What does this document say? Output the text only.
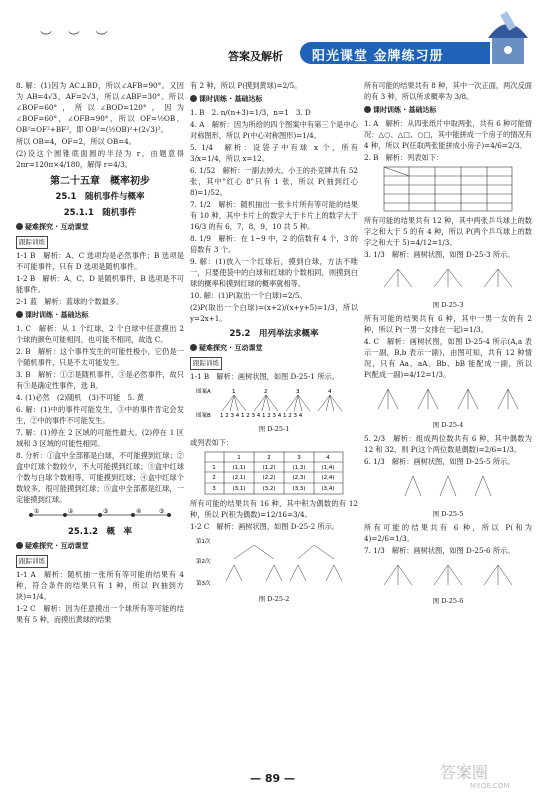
︶ ︶ ︶
答案及解析 阳光课堂 金牌练习册

8. 解：(1)因为 AC⊥BD，所以∠AFB=90°。又因为 AB=4√3，AF=2√3，所以∠ABF=30°。所以∠BOF=60°，所以∠BOD=120°。因为∠BOF=60°，∠OFB=90°，所以 OF=½OB，OB²=OF²+BF²，即 OB²=(½OB)²+(2√3)²。

所以 OB=4，OF=2，所以 OB=4。

(2)设这个圆锥底面圆的半径为 r，由题意得 2πr=120π×4/180，解得 r=4/3。

第二十五章　概率初步
25.1　随机事件与概率
25.1.1　随机事件
疑难探究 · 互动课堂
跟踪训练

1-1 B　解析：A、C 选项均是必然事件；B 选项是不可能事件，只有 D 选项是随机事件。

1-2 B　解析：A、C、D 是随机事件，B 选项是不可能事件。

2-1 蓝　解析：蓝球的个数最多。

课时训练 · 基础达标

1. C　解析：从 1 个红球，2 个白球中任意摸出 2 个球的颜色可能相同，也可能不相同，故选 C。

2. B　解析：这个事件发生的可能性极小，它仍是一个随机事件，只是不太可能发生。

3. B　解析：①②是随机事件，③是必然事件，故只有③是确定性事件，选 B。

4. (1)必然　(2)随机　(3)不可能　5. 黄

6. 解：(1)中的事件可能发生，③中的事件肯定会发生，②中的事件不可能发生。

7. 解：(1)停在 2 区域的可能性最大。(2)停在 1 区域和 3 区域的可能性相同。

8. 分析：①盒中全部都是白球，不可能摸到红球；②盒中红球个数较少，不大可能摸到红球；③盒中红球个数与白球个数相等，可能摸到红球；④盒中红球个数较多，很可能摸到红球；⑤盒中全部都是红球，一定能摸到红球。

①	②	③	④	⑤
25.1.2　概　率
疑难探究 · 互动课堂
跟踪训练

1-1 A　解析：随机抽一张所有等可能的结果有 4 种，符合条件的结果只有 1 种，所以 P(抽到方块)=1/4。

1-2 C　解析：因为任意摸出一个球所有等可能的结果有 5 种，而摸出黄球的结果

有 2 种，所以 P(摸到黄球)=2/5。

课时训练 · 基础达标

1. B　2. n/(n+3)=1/3，n=1　3. D

4. A　解析：因为所给的四个图案中有第三个是中心对称图形，所以 P(中心对称图形)=1/4。

5. 1/4　解析：设袋子中有球 x 个，所有 3/x=1/4，所以 x=12。

6. 1/52　解析：一副去掉大、小王的扑克牌共有 52 张，其中"红心 8"只有 1 张，所以 P(抽到红心 8)=1/52。

7. 1/2　解析：随机抽出一张卡片所有等可能的结果有 10 种，其中卡片上的数字大于卡片上的数字大于 16/3 的有 6，7，8，9，10 共 5 种。

8. 1/9　解析：在 1~9 中，2 的倍数有 4 个，3 的倍数有 3 个。

9. 解：(1)放入一个红球后，摸到白球，方法不唯一，只要使袋中的白球和红球的个数相同，则摸到白球的概率和摸到红球的概率就相等。

10. 解：(1)P(取出一个白球)=2/5。

(2)P(取出一个白球)=(x+2)/(x+y+5)=1/3，所以 y=2x+1。

25.2　用列举法求概率
疑难探究 · 互动课堂
跟踪训练

1-1 B　解析：画树状图，如图 D-25-1 所示。

图案A
图案B
1	2	3	4
1 2 3 4 1 2 3 4 1 2 3 4 1 2 3 4
图 D-25-1

或列表如下：

1	2	3	4
1	(1,1)	(1,2)	(1,3)	(1,4)
2	(2,1)	(2,2)	(2,3)	(2,4)
3	(3,1)	(3,2)	(3,3)	(3,4)

所有可能的结果共有 16 种，其中积为偶数的有 12 种，所以 P(积为偶数)=12/16=3/4。

1-2 C　解析：画树状图，如图 D-25-2 所示。

第1次
第2次
第3次
图 D-25-2

所有可能的结果共有 8 种，其中一次正面，两次反面的有 3 种，所以所求概率为 3/8。

课时训练 · 基础达标

1. A　解析：从四张纸片中取两张，共有 6 种可能情况：△○、△□、○□，其中能拼成一个房子的情况有 4 种，所以 P(任取两张能拼成小房子)=4/6=2/3。

2. B　解析：列表如下：

所有可能的结果共有 12 种，其中两张乒乓球上的数字之和大于 5 的有 4 种，所以 P(两个乒乓球上的数字之和大于 5)=4/12=1/3。

3. 1/3　解析：画树状图，如图 D-25-3 所示。

图 D-25-3

所有可能的结果共有 6 种，其中一男一女的有 2 种，所以 P(一男一女排在一起)=1/3。

4. C　解析：画树状图，如图 D-25-4 所示(A,a 表示一副，B,b 表示一副)，由图可知，共有 12 种情况，只有 Aa、aA、Bb、bB 能配成一副，所以 P(配成一副)=4/12=1/3。

图 D-25-4

5. 2/3　解析：组成两位数共有 6 种，其中偶数为 12 和 32，则 P(这个两位数是偶数)=2/6=1/3。

6. 1/3　解析：画树状图，如图 D-25-5 所示。

图 D-25-5

所有可能的结果共有 6 种，所以 P(和为 4)=2/6=1/3。

7. 1/3　解析：画树状图，如图 D-25-6 所示。

图 D-25-6
— 89 —	答案圈
MXQE.COM
